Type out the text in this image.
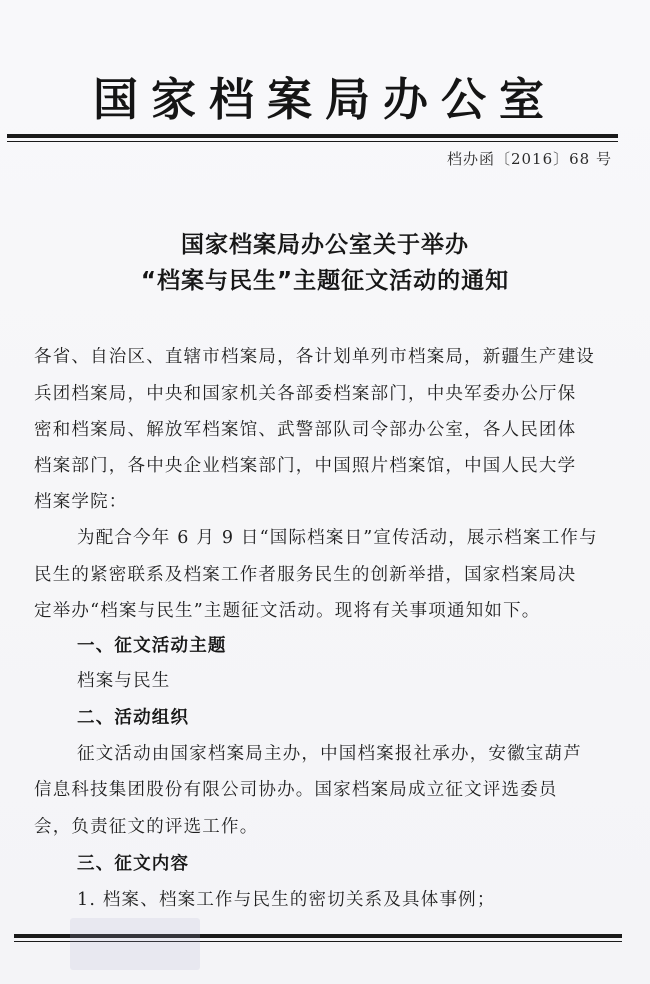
国家档案局办公室
档办函〔2016〕68 号
国家档案局办公室关于举办
“档案与民生”主题征文活动的通知
各省、自治区、直辖市档案局，各计划单列市档案局，新疆生产建设
兵团档案局，中央和国家机关各部委档案部门，中央军委办公厅保
密和档案局、解放军档案馆、武警部队司令部办公室，各人民团体
档案部门，各中央企业档案部门，中国照片档案馆，中国人民大学
档案学院：
为配合今年 6 月 9 日“国际档案日”宣传活动，展示档案工作与
民生的紧密联系及档案工作者服务民生的创新举措，国家档案局决
定举办“档案与民生”主题征文活动。现将有关事项通知如下。
一、征文活动主题
档案与民生
二、活动组织
征文活动由国家档案局主办，中国档案报社承办，安徽宝葫芦
信息科技集团股份有限公司协办。国家档案局成立征文评选委员
会，负责征文的评选工作。
三、征文内容
1. 档案、档案工作与民生的密切关系及具体事例；
